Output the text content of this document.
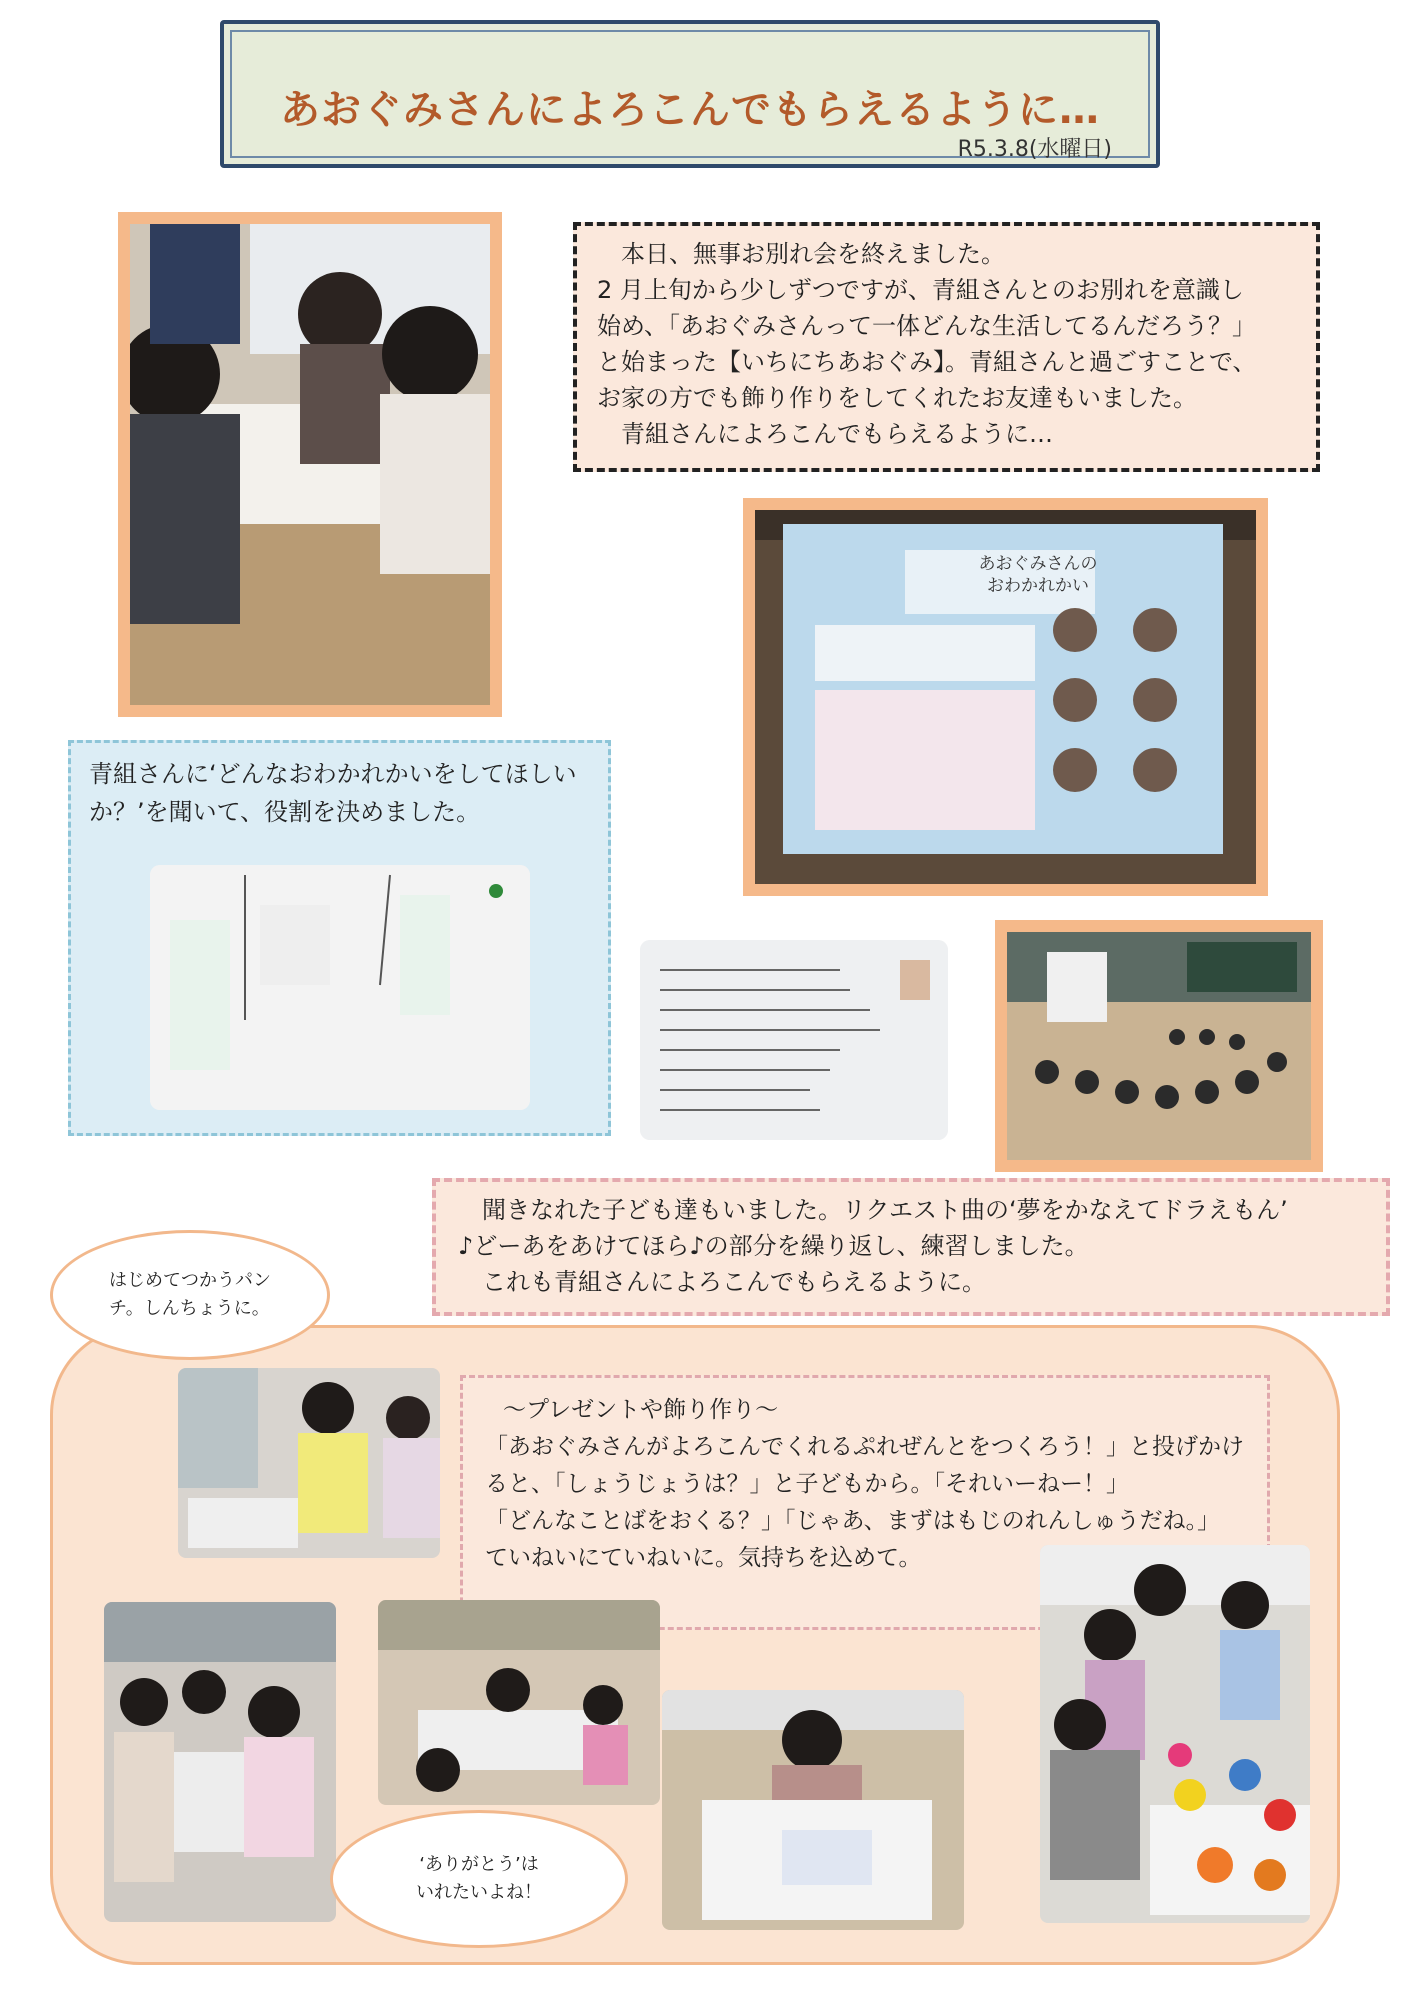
あおぐみさんによろこんでもらえるように…
R5.3.8(水曜日)

　本日、無事お別れ会を終えました。

2 月上旬から少しずつですが、青組さんとのお別れを意識し

始め、「あおぐみさんって一体どんな生活してるんだろう？」

と始まった【いちにちあおぐみ】。青組さんと過ごすことで、

お家の方でも飾り作りをしてくれたお友達もいました。

　青組さんによろこんでもらえるように…

あおぐみさんの
おわかれかい
青組さんに‘どんなおわかれかいをしてほしいか？’を聞いて、役割を決めました。

　聞きなれた子ども達もいました。リクエスト曲の‘夢をかなえてドラえもん’

♪どーあをあけてほら♪の部分を繰り返し、練習しました。

　これも青組さんによろこんでもらえるように。

はじめてつかうパン
チ。しんちょうに。

～プレゼントや飾り作り～

「あおぐみさんがよろこんでくれるぷれぜんとをつくろう！」と投げかけ

ると、「しょうじょうは？」と子どもから。「それいーねー！」

「どんなことばをおくる？」「じゃあ、まずはもじのれんしゅうだね。」

ていねいにていねいに。気持ちを込めて。

‘ありがとう’は
いれたいよね！
